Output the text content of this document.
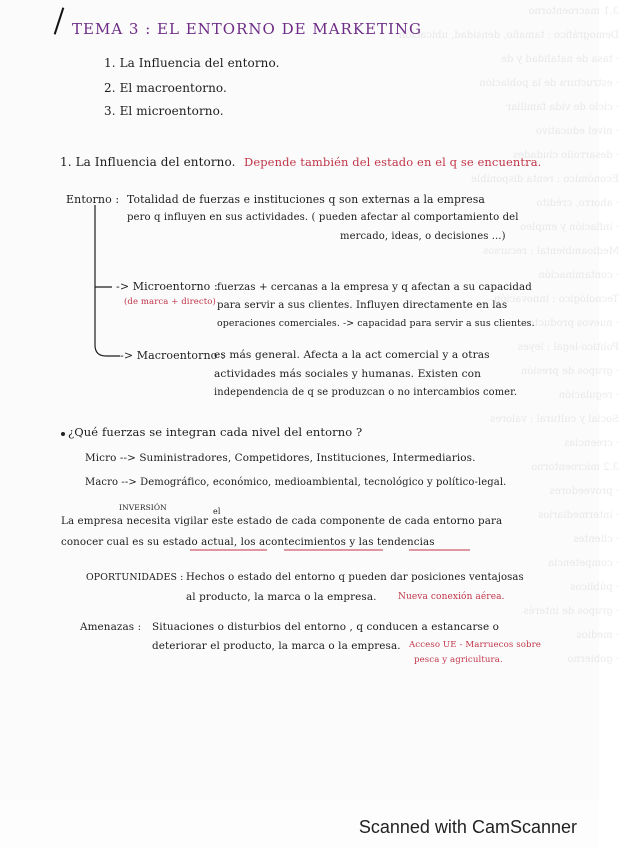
3.1 macroentorno
Demográfico : tamaño, densidad, ubicación
· tasa de natalidad y de
· estructura de la población
· ciclo de vida familiar
· nivel educativo
· desarrollo ciudades
Económico : renta disponible
· ahorro, crédito
· inflación y empleo
Medioambiental : recursos
· contaminación
Tecnológico : innovación
· nuevos productos
Político-legal : leyes
· grupos de presión
· regulación
Social y cultural : valores
· creencias
3.2 microentorno
· proveedores
· intermediarios
· clientes
· competencia
· públicos
· grupos de interés
· medios
· gobierno
TEMA 3 : EL ENTORNO DE MARKETING
1. La Influencia del entorno.
2. El macroentorno.
3. El microentorno.
1. La Influencia del entorno. Depende también del estado en el q se encuentra.
Entorno : Totalidad de fuerzas e instituciones q son externas a la empresa
pero q influyen en sus actividades. ( pueden afectar al comportamiento del
mercado, ideas, o decisiones ...)
-> Microentorno :
(de marca + directo)
fuerzas + cercanas a la empresa y q afectan a su capacidad
para servir a sus clientes. Influyen directamente en las
operaciones comerciales. -> capacidad para servir a sus clientes.
-> Macroentorno :
es más general. Afecta a la act comercial y a otras
actividades más sociales y humanas. Existen con
independencia de q se produzcan o no intercambios comer.
¿Qué fuerzas se integran cada nivel del entorno ?
Micro --> Suministradores, Competidores, Instituciones, Intermediarios.
Macro --> Demográfico, económico, medioambiental, tecnológico y político-legal.
INVERSIÓN	el
La empresa necesita vigilar este estado de cada componente de cada entorno para
conocer cual es su estado actual, los acontecimientos y las tendencias
OPORTUNIDADES : Hechos o estado del entorno q pueden dar posiciones ventajosas
al producto, la marca o la empresa. Nueva conexión aérea.
Amenazas : Situaciones o disturbios del entorno , q conducen a estancarse o
deteriorar el producto, la marca o la empresa. Acceso UE - Marruecos sobre
pesca y agricultura.
Scanned with CamScanner
